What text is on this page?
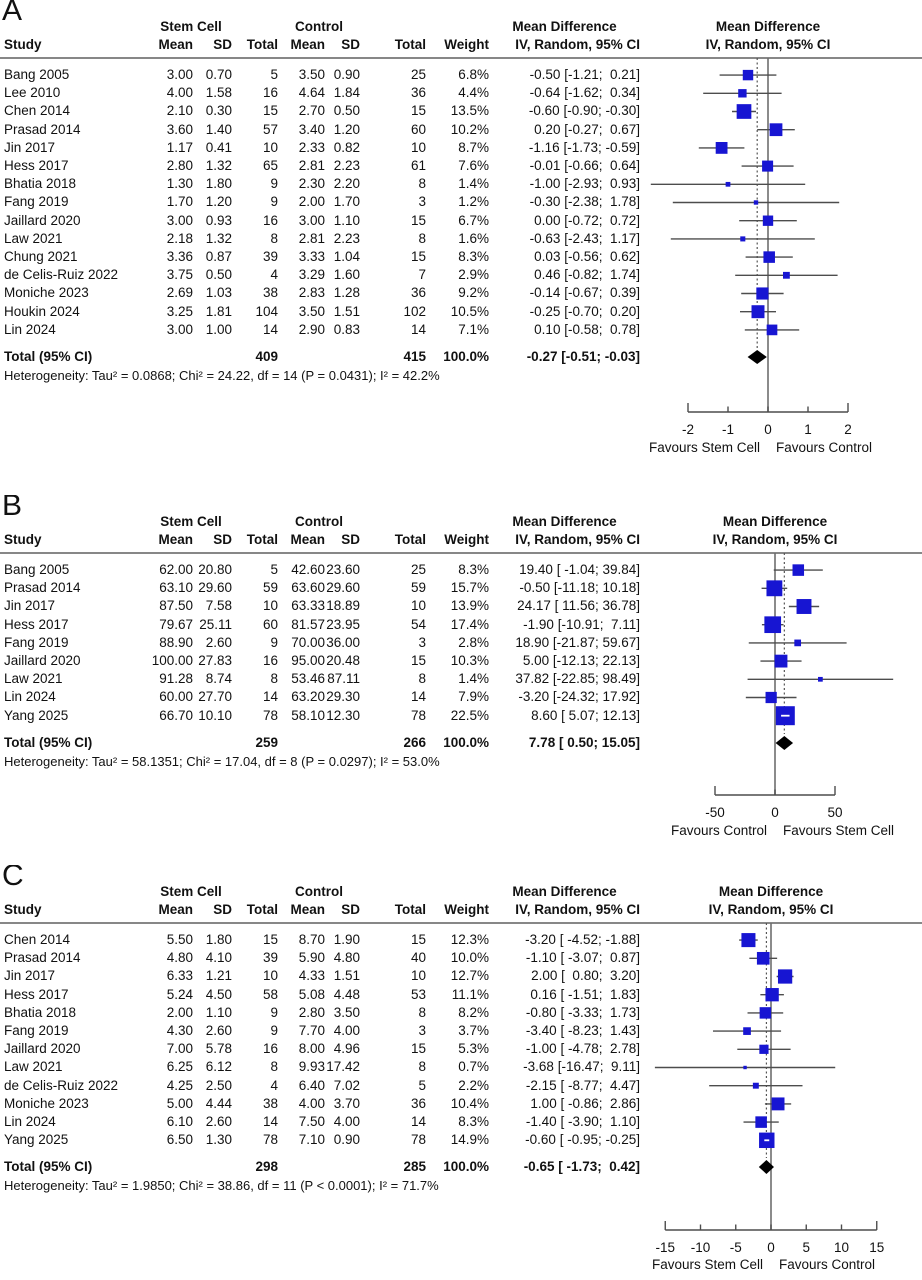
A
		Stem Cell			Control				Mean Difference
Study	Mean	SD	Total	Mean	SD	Total	Weight	IV, Random, 95% CI
Bang 2005	3.00	0.70	5	3.50	0.90	25	6.8%	-0.50 [-1.21;  0.21]
Lee 2010	4.00	1.58	16	4.64	1.84	36	4.4%	-0.64 [-1.62;  0.34]
Chen 2014	2.10	0.30	15	2.70	0.50	15	13.5%	-0.60 [-0.90; -0.30]
Prasad 2014	3.60	1.40	57	3.40	1.20	60	10.2%	0.20 [-0.27;  0.67]
Jin 2017	1.17	0.41	10	2.33	0.82	10	8.7%	-1.16 [-1.73; -0.59]
Hess 2017	2.80	1.32	65	2.81	2.23	61	7.6%	-0.01 [-0.66;  0.64]
Bhatia 2018	1.30	1.80	9	2.30	2.20	8	1.4%	-1.00 [-2.93;  0.93]
Fang 2019	1.70	1.20	9	2.00	1.70	3	1.2%	-0.30 [-2.38;  1.78]
Jaillard 2020	3.00	0.93	16	3.00	1.10	15	6.7%	0.00 [-0.72;  0.72]
Law 2021	2.18	1.32	8	2.81	2.23	8	1.6%	-0.63 [-2.43;  1.17]
Chung 2021	3.36	0.87	39	3.33	1.04	15	8.3%	0.03 [-0.56;  0.62]
de Celis-Ruiz 2022	3.75	0.50	4	3.29	1.60	7	2.9%	0.46 [-0.82;  1.74]
Moniche 2023	2.69	1.03	38	2.83	1.28	36	9.2%	-0.14 [-0.67;  0.39]
Houkin 2024	3.25	1.81	104	3.50	1.51	102	10.5%	-0.25 [-0.70;  0.20]
Lin 2024	3.00	1.00	14	2.90	0.83	14	7.1%	0.10 [-0.58;  0.78]
Total (95% CI)			409			415	100.0%	-0.27 [-0.51; -0.03]
Heterogeneity: Tau² = 0.0868; Chi² = 24.22, df = 14 (P = 0.0431); I² = 42.2%
Mean Difference
IV, Random, 95% CI
-2 -1 0 1 2
Favours Stem Cell Favours Control
B
		Stem Cell			Control				Mean Difference
Study	Mean	SD	Total	Mean	SD	Total	Weight	IV, Random, 95% CI
Bang 2005	62.00	20.80	5	42.60	23.60	25	8.3%	19.40 [ -1.04; 39.84]
Prasad 2014	63.10	29.60	59	63.60	29.60	59	15.7%	-0.50 [-11.18; 10.18]
Jin 2017	87.50	7.58	10	63.33	18.89	10	13.9%	24.17 [ 11.56; 36.78]
Hess 2017	79.67	25.11	60	81.57	23.95	54	17.4%	-1.90 [-10.91;  7.11]
Fang 2019	88.90	2.60	9	70.00	36.00	3	2.8%	18.90 [-21.87; 59.67]
Jaillard 2020	100.00	27.83	16	95.00	20.48	15	10.3%	5.00 [-12.13; 22.13]
Law 2021	91.28	8.74	8	53.46	87.11	8	1.4%	37.82 [-22.85; 98.49]
Lin 2024	60.00	27.70	14	63.20	29.30	14	7.9%	-3.20 [-24.32; 17.92]
Yang 2025	66.70	10.10	78	58.10	12.30	78	22.5%	8.60 [ 5.07; 12.13]
Total (95% CI)			259			266	100.0%	7.78 [ 0.50; 15.05]
Heterogeneity: Tau² = 58.1351; Chi² = 17.04, df = 8 (P = 0.0297); I² = 53.0%
Mean Difference
IV, Random, 95% CI
-50	0	50
Favours Control Favours Stem Cell
C
		Stem Cell			Control				Mean Difference
Study	Mean	SD	Total	Mean	SD	Total	Weight	IV, Random, 95% CI
Chen 2014	5.50	1.80	15	8.70	1.90	15	12.3%	-3.20 [ -4.52; -1.88]
Prasad 2014	4.80	4.10	39	5.90	4.80	40	10.0%	-1.10 [ -3.07;  0.87]
Jin 2017	6.33	1.21	10	4.33	1.51	10	12.7%	2.00 [  0.80;  3.20]
Hess 2017	5.24	4.50	58	5.08	4.48	53	11.1%	0.16 [ -1.51;  1.83]
Bhatia 2018	2.00	1.10	9	2.80	3.50	8	8.2%	-0.80 [ -3.33;  1.73]
Fang 2019	4.30	2.60	9	7.70	4.00	3	3.7%	-3.40 [ -8.23;  1.43]
Jaillard 2020	7.00	5.78	16	8.00	4.96	15	5.3%	-1.00 [ -4.78;  2.78]
Law 2021	6.25	6.12	8	9.93	17.42	8	0.7%	-3.68 [-16.47;  9.11]
de Celis-Ruiz 2022	4.25	2.50	4	6.40	7.02	5	2.2%	-2.15 [ -8.77;  4.47]
Moniche 2023	5.00	4.44	38	4.00	3.70	36	10.4%	1.00 [ -0.86;  2.86]
Lin 2024	6.10	2.60	14	7.50	4.00	14	8.3%	-1.40 [ -3.90;  1.10]
Yang 2025	6.50	1.30	78	7.10	0.90	78	14.9%	-0.60 [ -0.95; -0.25]
Total (95% CI)			298			285	100.0%	-0.65 [ -1.73;  0.42]
Heterogeneity: Tau² = 1.9850; Chi² = 38.86, df = 11 (P < 0.0001); I² = 71.7%
Mean Difference
IV, Random, 95% CI
-15 -10 -5 0 5 10 15
Favours Stem Cell Favours Control
